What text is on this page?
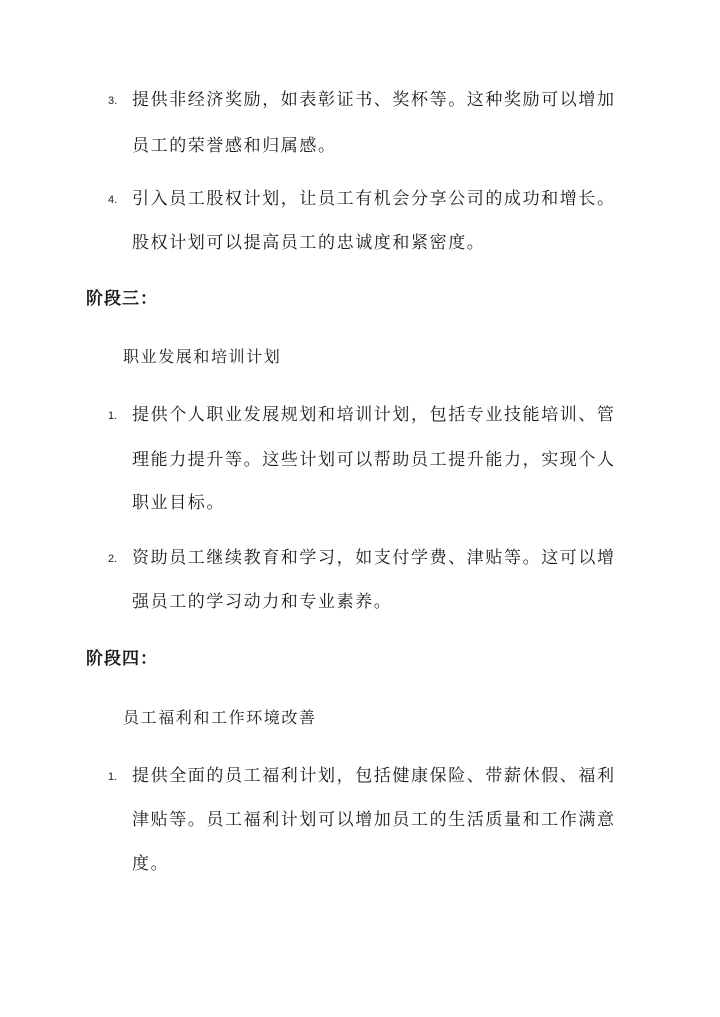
3. 提供非经济奖励，如表彰证书、奖杯等。这种奖励可以增加
员工的荣誉感和归属感。
4. 引入员工股权计划，让员工有机会分享公司的成功和增长。
股权计划可以提高员工的忠诚度和紧密度。
阶段三：
职业发展和培训计划
1. 提供个人职业发展规划和培训计划，包括专业技能培训、管
理能力提升等。这些计划可以帮助员工提升能力，实现个人
职业目标。
2. 资助员工继续教育和学习，如支付学费、津贴等。这可以增
强员工的学习动力和专业素养。
阶段四：
员工福利和工作环境改善
1. 提供全面的员工福利计划，包括健康保险、带薪休假、福利
津贴等。员工福利计划可以增加员工的生活质量和工作满意
度。
